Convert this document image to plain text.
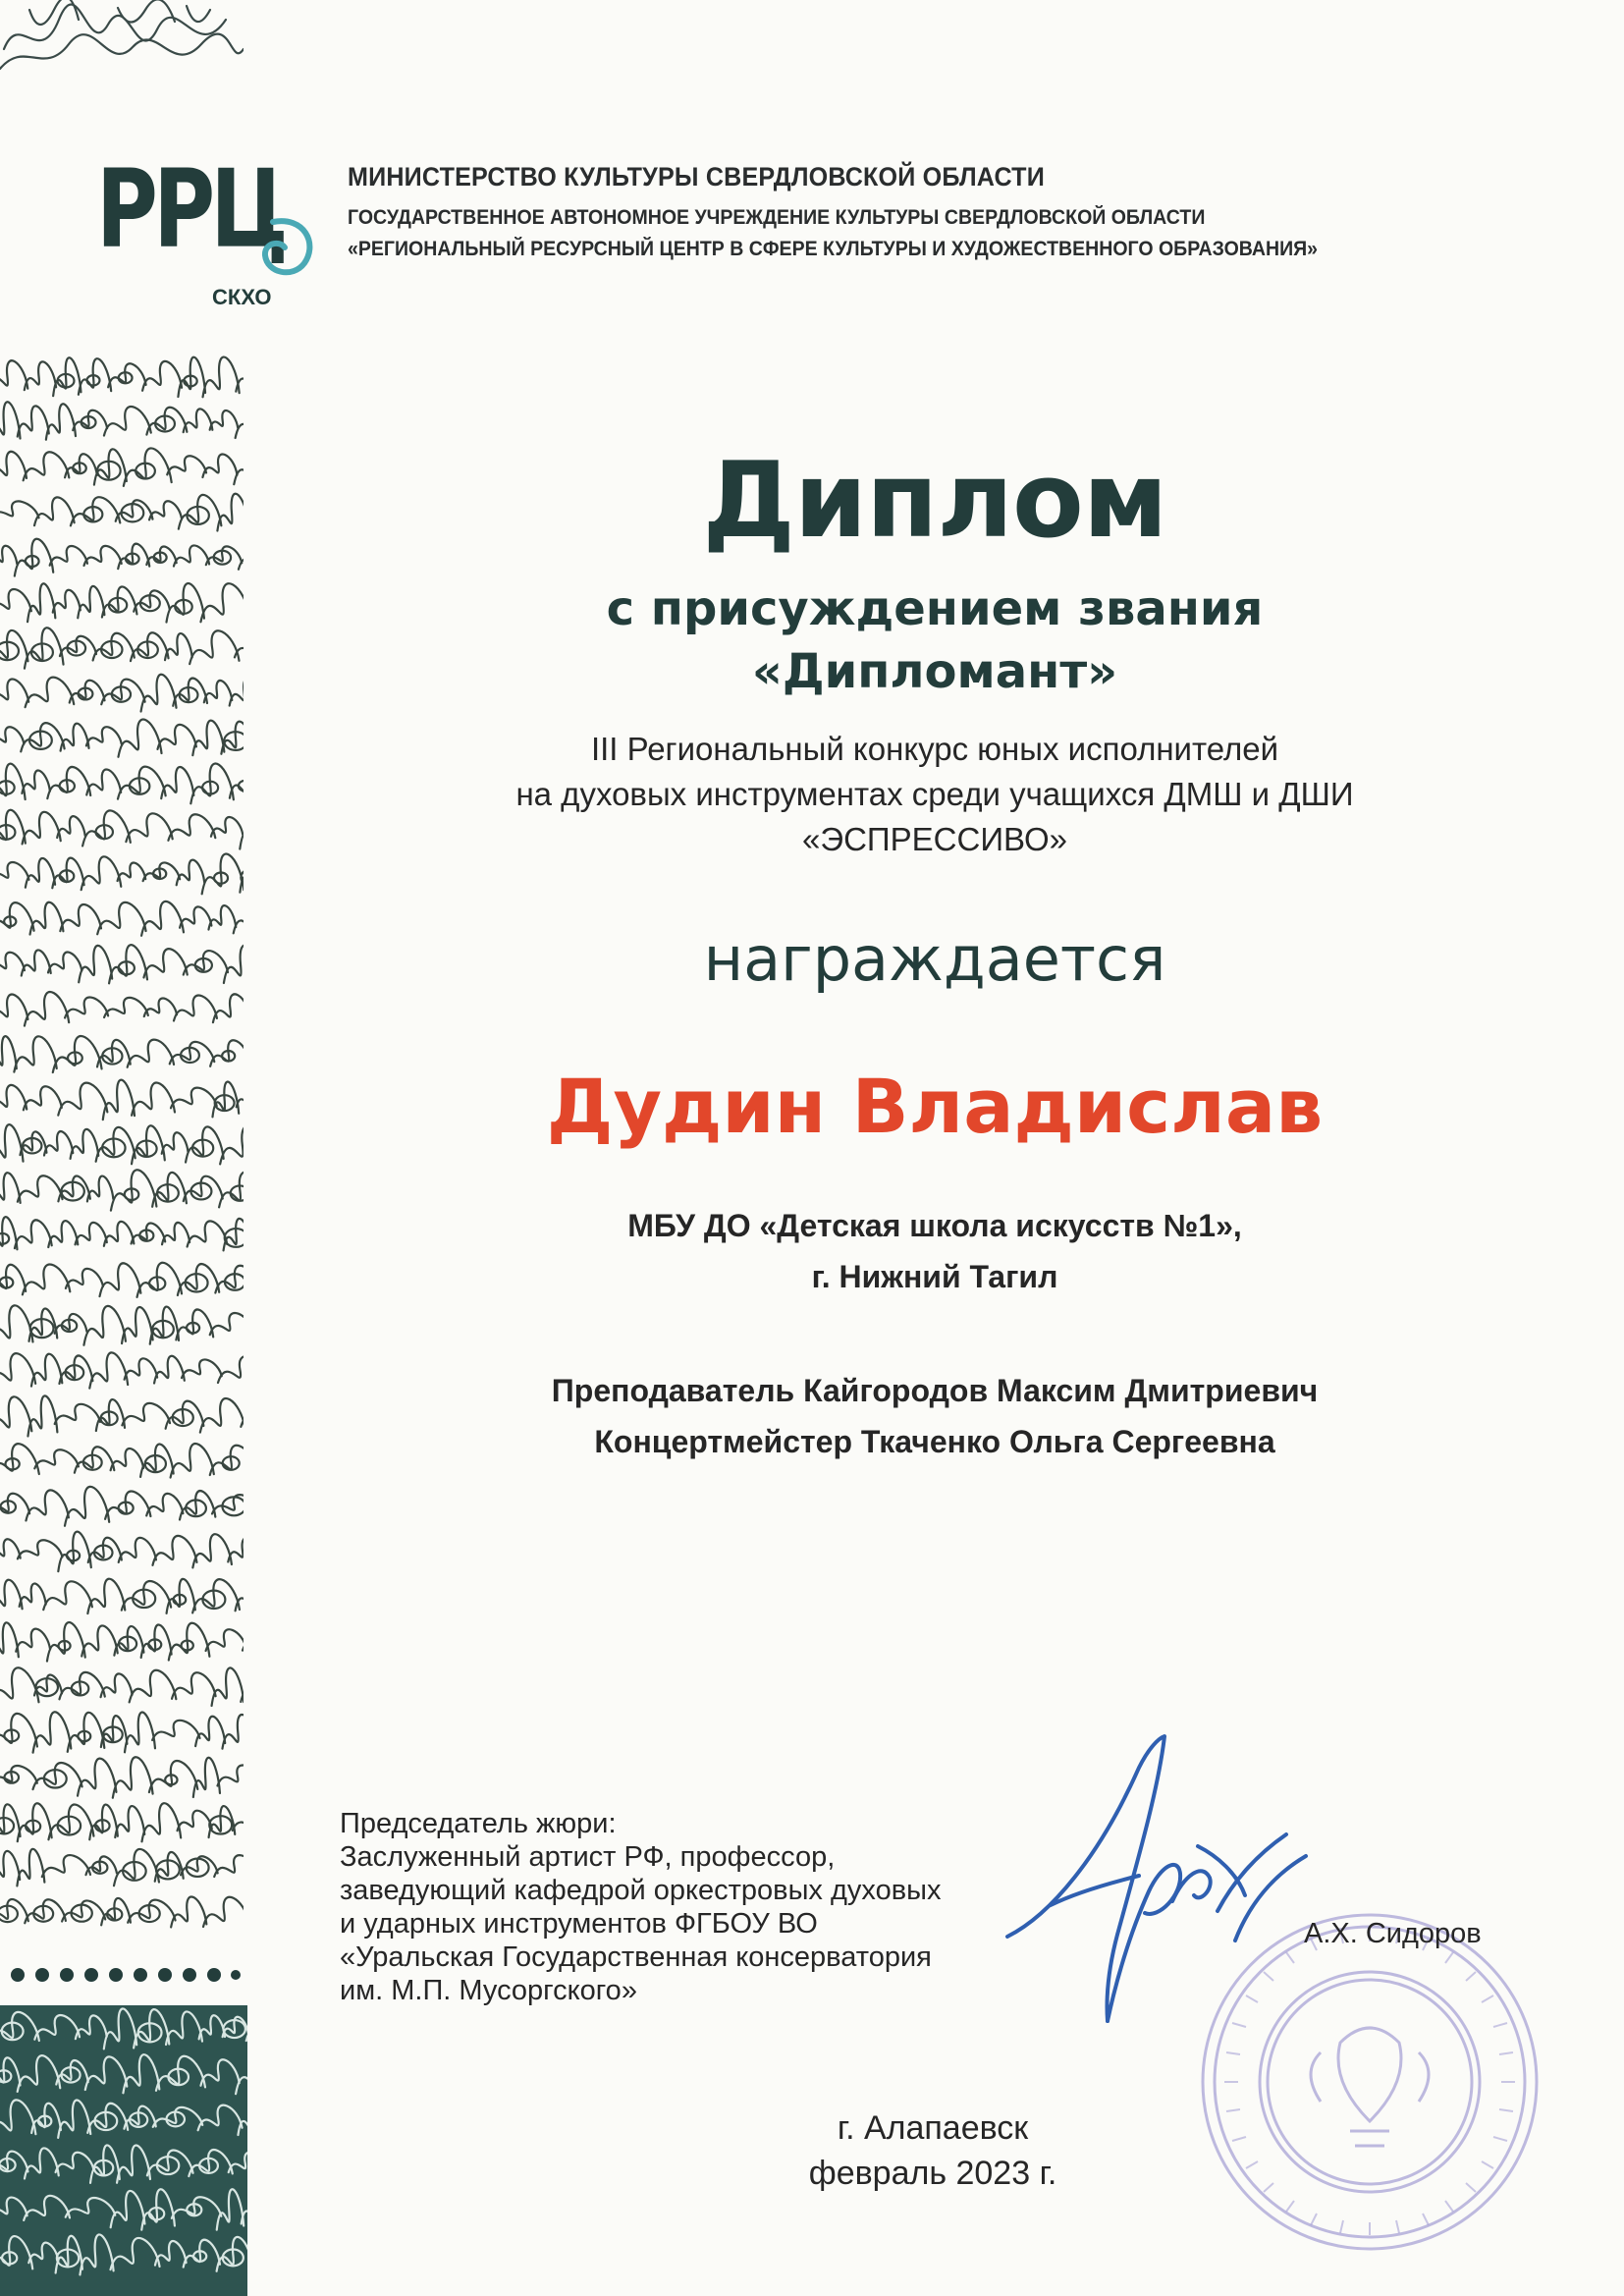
РРЦ
СКХО
МИНИСТЕРСТВО КУЛЬТУРЫ СВЕРДЛОВСКОЙ ОБЛАСТИ
ГОСУДАРСТВЕННОЕ АВТОНОМНОЕ УЧРЕЖДЕНИЕ КУЛЬТУРЫ СВЕРДЛОВСКОЙ ОБЛАСТИ
«РЕГИОНАЛЬНЫЙ РЕСУРСНЫЙ ЦЕНТР В СФЕРЕ КУЛЬТУРЫ И ХУДОЖЕСТВЕННОГО ОБРАЗОВАНИЯ»
Диплом
с присуждением звания
«Дипломант»
III Региональный конкурс юных исполнителей
на духовых инструментах среди учащихся ДМШ и ДШИ
«ЭСПРЕССИВО»
награждается
Дудин Владислав
МБУ ДО «Детская школа искусств №1»,
г. Нижний Тагил
Преподаватель Кайгородов Максим Дмитриевич
Концертмейстер Ткаченко Ольга Сергеевна
Председатель жюри:
Заслуженный артист РФ, профессор,
заведующий кафедрой оркестровых духовых
и ударных инструментов ФГБОУ ВО
«Уральская Государственная консерватория
им. М.П. Мусоргского»
А.Х. Сидоров
г. Алапаевск
февраль 2023 г.
